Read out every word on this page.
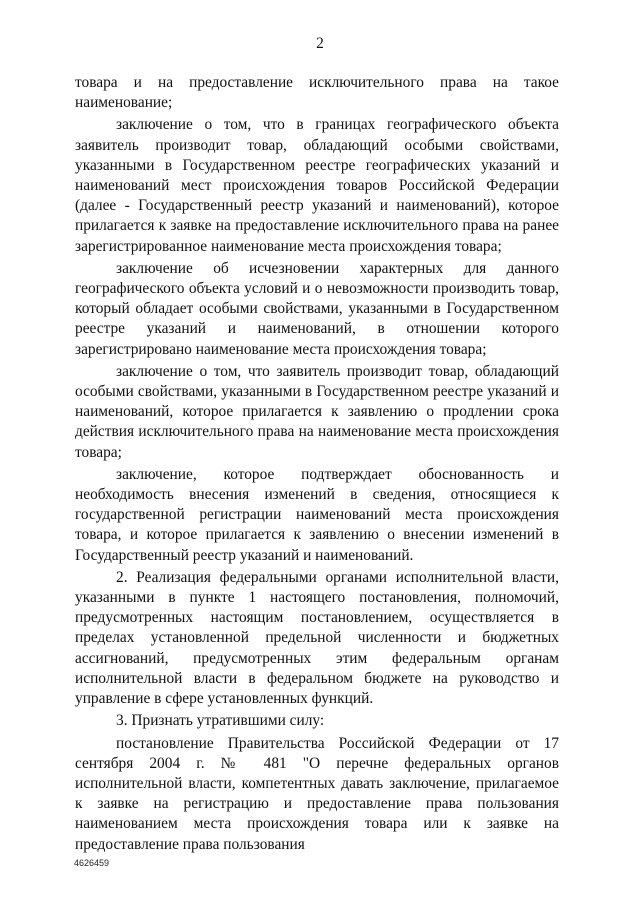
2

товара и на предоставление исключительного права на такое наименование;

заключение о том, что в границах географического объекта заявитель производит товар, обладающий особыми свойствами, указанными в Государственном реестре географических указаний и наименований мест происхождения товаров Российской Федерации (далее - Государственный реестр указаний и наименований), которое прилагается к заявке на предоставление исключительного права на ранее зарегистрированное наименование места происхождения товара;

заключение об исчезновении характерных для данного географического объекта условий и о невозможности производить товар, который обладает особыми свойствами, указанными в Государственном реестре указаний и наименований, в отношении которого зарегистрировано наименование места происхождения товара;

заключение о том, что заявитель производит товар, обладающий особыми свойствами, указанными в Государственном реестре указаний и наименований, которое прилагается к заявлению о продлении срока действия исключительного права на наименование места происхождения товара;

заключение, которое подтверждает обоснованность и необходимость внесения изменений в сведения, относящиеся к государственной регистрации наименований места происхождения товара, и которое прилагается к заявлению о внесении изменений в Государственный реестр указаний и наименований.

2. Реализация федеральными органами исполнительной власти, указанными в пункте 1 настоящего постановления, полномочий, предусмотренных настоящим постановлением, осуществляется в пределах установленной предельной численности и бюджетных ассигнований, предусмотренных этим федеральным органам исполнительной власти в федеральном бюджете на руководство и управление в сфере установленных функций.

3. Признать утратившими силу:

постановление Правительства Российской Федерации от 17 сентября 2004 г. № 481 "О перечне федеральных органов исполнительной власти, компетентных давать заключение, прилагаемое к заявке на регистрацию и предоставление права пользования наименованием места происхождения товара или к заявке на предоставление права пользования

4626459
